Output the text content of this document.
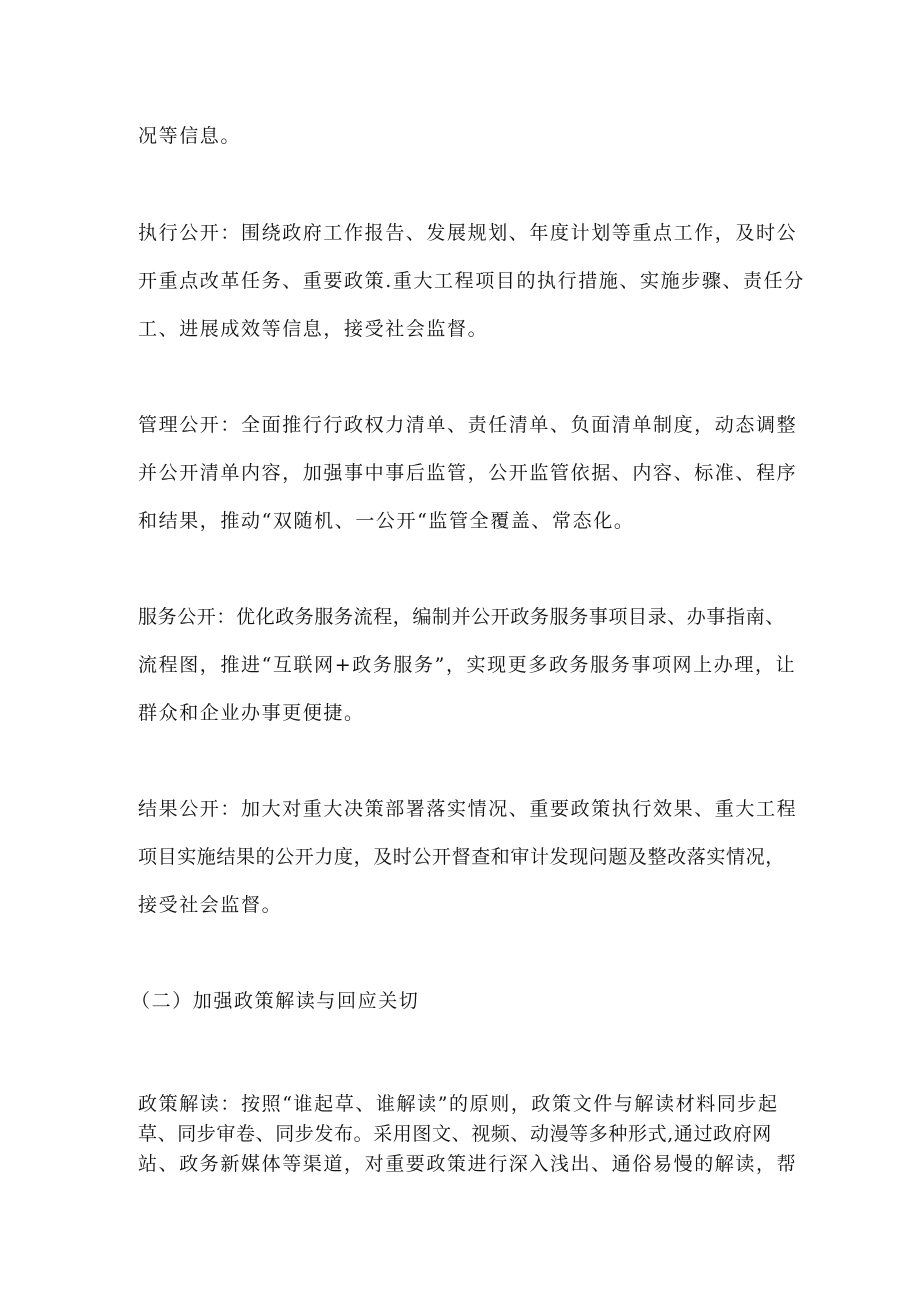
况等信息。
执行公开：围绕政府工作报告、发展规划、年度计划等重点工作，及时公
开重点改革任务、重要政策.重大工程项目的执行措施、实施步骤、责任分
工、进展成效等信息，接受社会监督。
管理公开：全面推行行政权力清单、责任清单、负面清单制度，动态调整
并公开清单内容，加强事中事后监管，公开监管依据、内容、标准、程序
和结果，推动“双随机、一公开“监管全覆盖、常态化。
服务公开：优化政务服务流程，编制并公开政务服务事项目录、办事指南、
流程图，推进“互联网+政务服务”，实现更多政务服务事项网上办理，让
群众和企业办事更便捷。
结果公开：加大对重大决策部署落实情况、重要政策执行效果、重大工程
项目实施结果的公开力度，及时公开督查和审计发现问题及整改落实情况，
接受社会监督。
（二）加强政策解读与回应关切
政策解读：按照“谁起草、谁解读”的原则，政策文件与解读材料同步起
草、同步审卷、同步发布。采用图文、视频、动漫等多种形式,通过政府网
站、政务新媒体等渠道，对重要政策进行深入浅出、通俗易慢的解读，帮
